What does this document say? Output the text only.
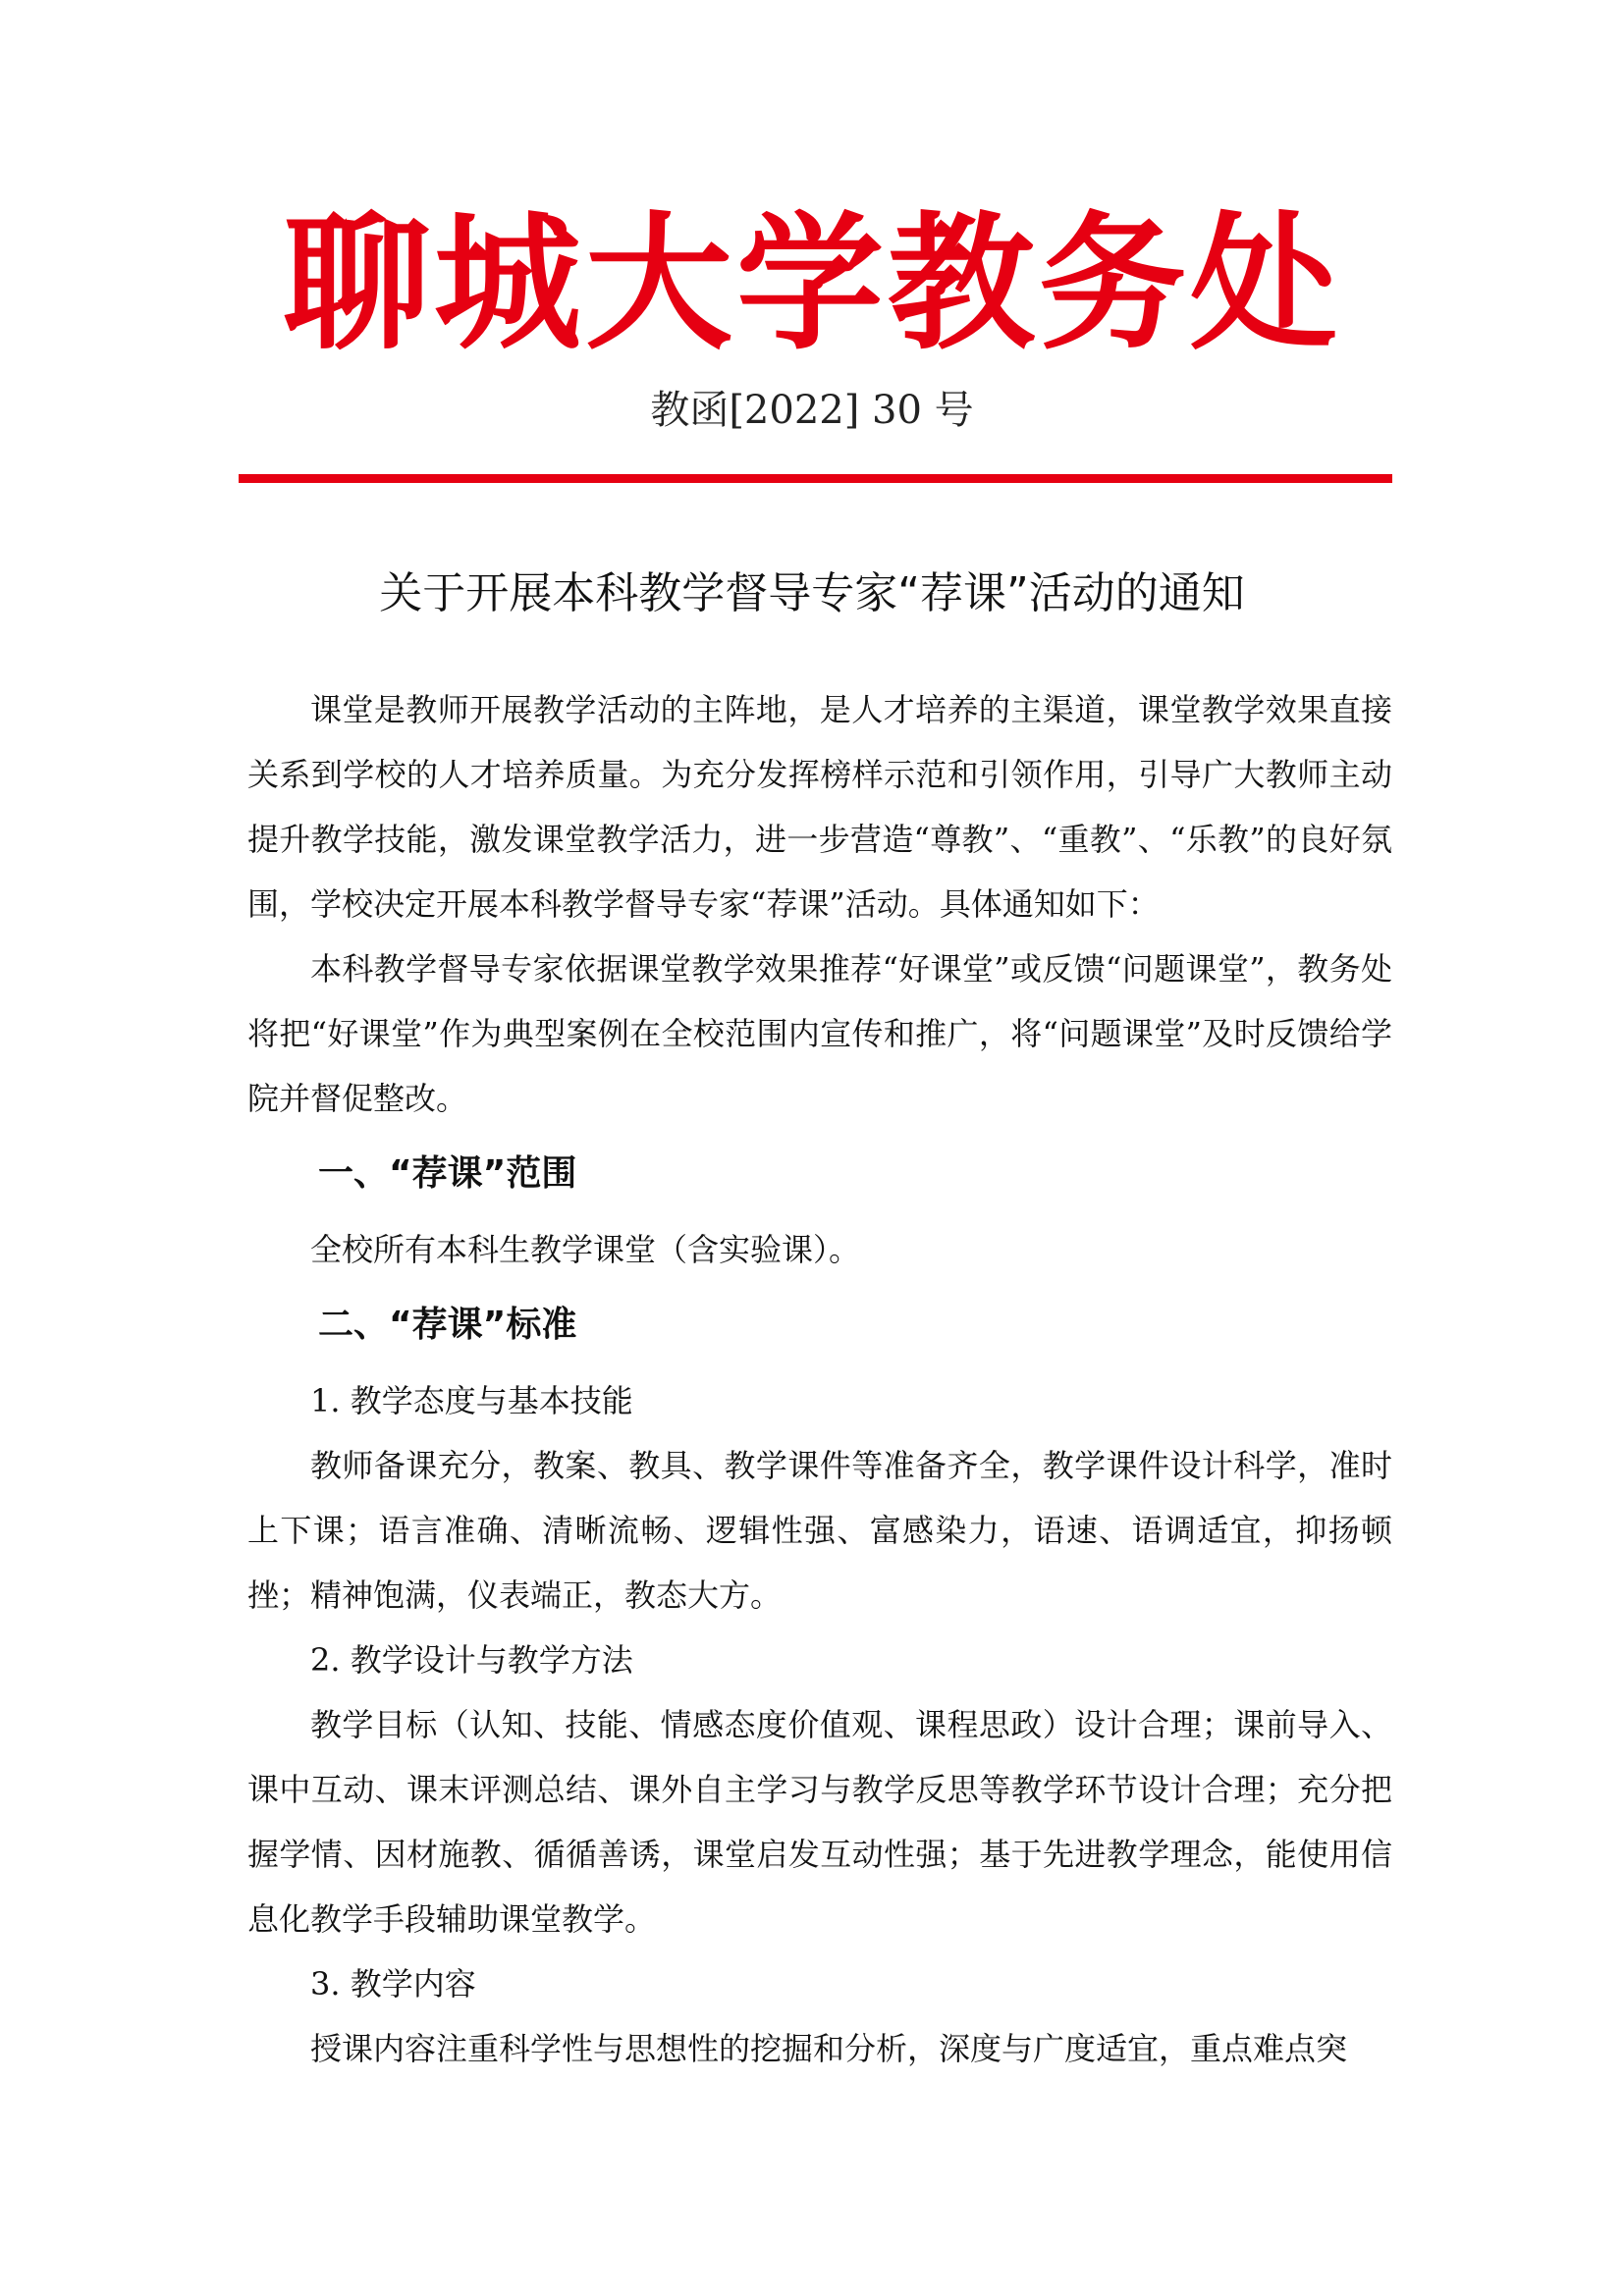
聊城大学教务处
教函[2022] 30 号
关于开展本科教学督导专家“荐课”活动的通知

课堂是教师开展教学活动的主阵地，是人才培养的主渠道，课堂教学效果直接关系到学校的人才培养质量。为充分发挥榜样示范和引领作用，引导广大教师主动提升教学技能，激发课堂教学活力，进一步营造“尊教”、“重教”、“乐教”的良好氛围，学校决定开展本科教学督导专家“荐课”活动。具体通知如下：

本科教学督导专家依据课堂教学效果推荐“好课堂”或反馈“问题课堂”，教务处将把“好课堂”作为典型案例在全校范围内宣传和推广，将“问题课堂”及时反馈给学院并督促整改。

一、“荐课”范围

全校所有本科生教学课堂（含实验课）。

二、“荐课”标准
1. 教学态度与基本技能

教师备课充分，教案、教具、教学课件等准备齐全，教学课件设计科学，准时上下课；语言准确、清晰流畅、逻辑性强、富感染力，语速、语调适宜，抑扬顿挫；精神饱满，仪表端正，教态大方。

2. 教学设计与教学方法

教学目标（认知、技能、情感态度价值观、课程思政）设计合理；课前导入、课中互动、课末评测总结、课外自主学习与教学反思等教学环节设计合理；充分把握学情、因材施教、循循善诱，课堂启发互动性强；基于先进教学理念，能使用信息化教学手段辅助课堂教学。

3. 教学内容

授课内容注重科学性与思想性的挖掘和分析，深度与广度适宜，重点难点突
